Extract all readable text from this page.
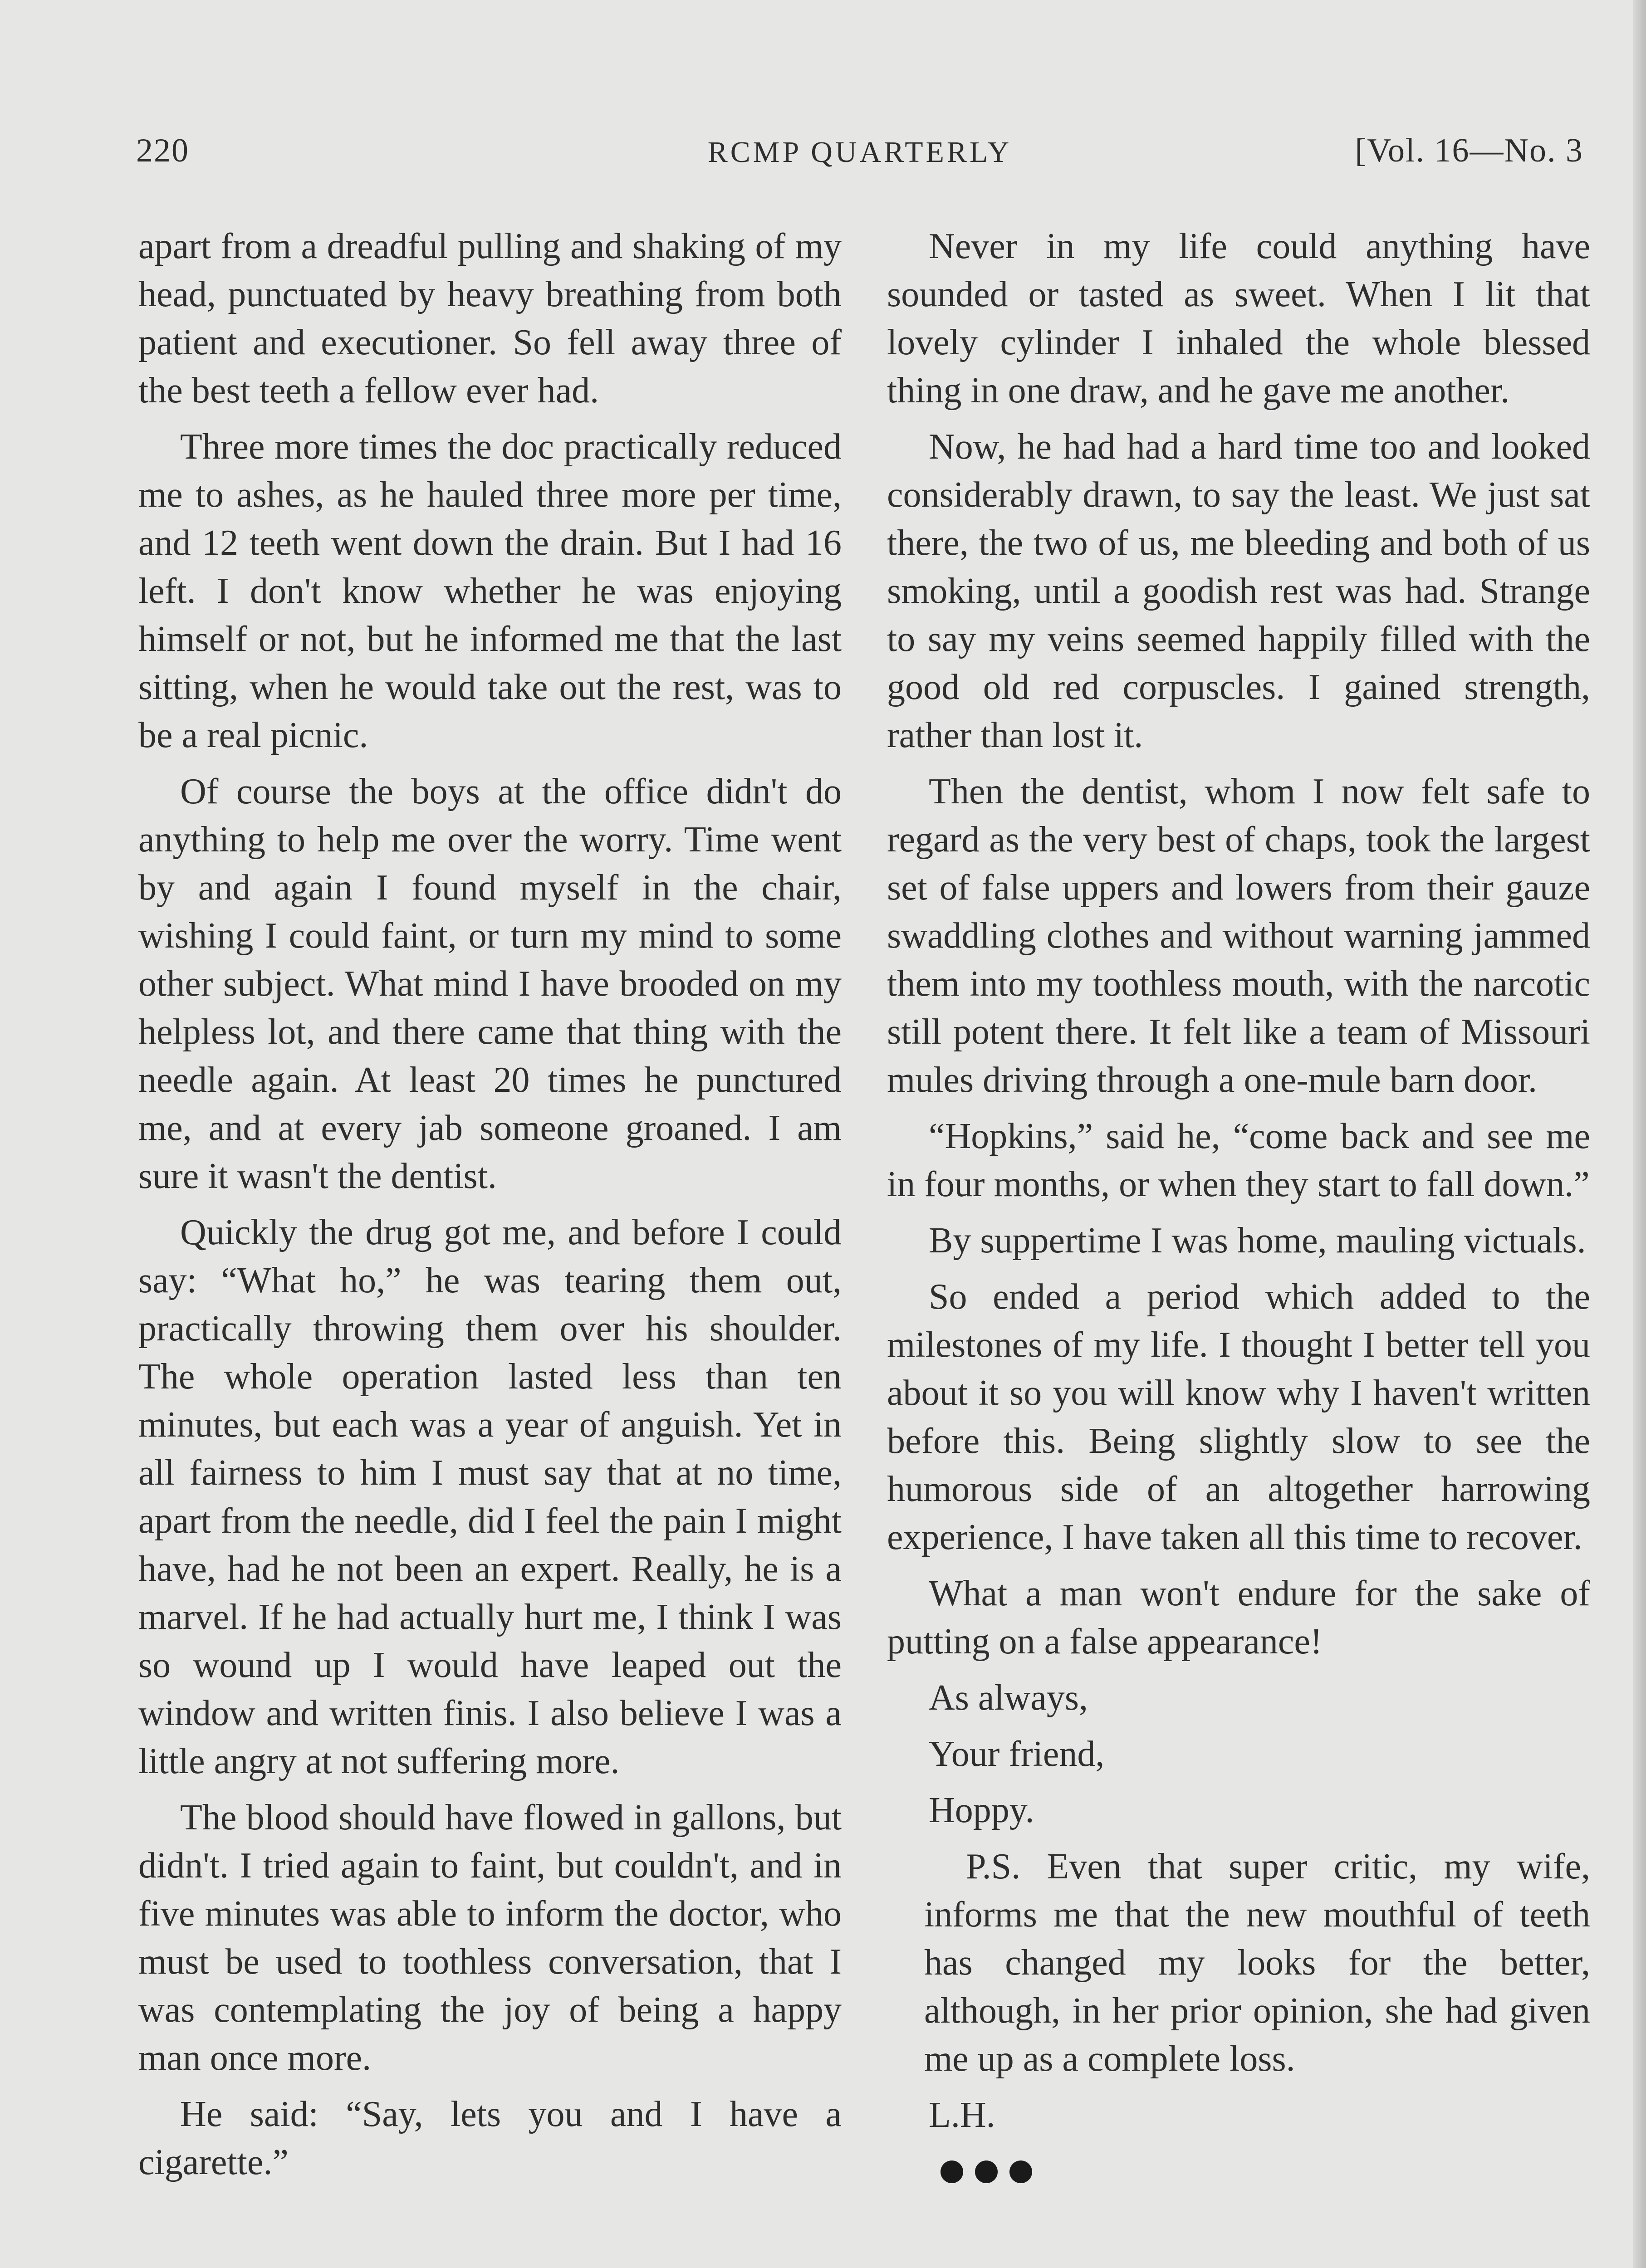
220	RCMP QUARTERLY	[Vol. 16—No. 3

apart from a dreadful pulling and shaking of my head, punctuated by heavy breathing from both patient and executioner. So fell away three of the best teeth a fellow ever had.

Three more times the doc practically reduced me to ashes, as he hauled three more per time, and 12 teeth went down the drain. But I had 16 left. I don't know whether he was enjoying himself or not, but he informed me that the last sitting, when he would take out the rest, was to be a real picnic.

Of course the boys at the office didn't do anything to help me over the worry. Time went by and again I found myself in the chair, wishing I could faint, or turn my mind to some other subject. What mind I have brooded on my helpless lot, and there came that thing with the needle again. At least 20 times he punctured me, and at every jab someone groaned. I am sure it wasn't the dentist.

Quickly the drug got me, and before I could say: “What ho,” he was tearing them out, practically throwing them over his shoulder. The whole operation lasted less than ten minutes, but each was a year of anguish. Yet in all fairness to him I must say that at no time, apart from the needle, did I feel the pain I might have, had he not been an expert. Really, he is a marvel. If he had actually hurt me, I think I was so wound up I would have leaped out the window and written finis. I also believe I was a little angry at not suffering more.

The blood should have flowed in gallons, but didn't. I tried again to faint, but couldn't, and in five minutes was able to inform the doctor, who must be used to toothless conversation, that I was contemplating the joy of being a happy man once more.

He said: “Say, lets you and I have a cigarette.”

Never in my life could anything have sounded or tasted as sweet. When I lit that lovely cylinder I inhaled the whole blessed thing in one draw, and he gave me another.

Now, he had had a hard time too and looked considerably drawn, to say the least. We just sat there, the two of us, me bleeding and both of us smoking, until a goodish rest was had. Strange to say my veins seemed happily filled with the good old red corpuscles. I gained strength, rather than lost it.

Then the dentist, whom I now felt safe to regard as the very best of chaps, took the largest set of false uppers and lowers from their gauze swaddling clothes and without warning jammed them into my toothless mouth, with the narcotic still potent there. It felt like a team of Missouri mules driving through a one-mule barn door.

“Hopkins,” said he, “come back and see me in four months, or when they start to fall down.”

By suppertime I was home, mauling victuals.

So ended a period which added to the milestones of my life. I thought I better tell you about it so you will know why I haven't written before this. Being slightly slow to see the humorous side of an altogether harrowing experience, I have taken all this time to recover.

What a man won't endure for the sake of putting on a false appearance!

As always,

Your friend,

Hoppy.

P.S. Even that super critic, my wife, informs me that the new mouthful of teeth has changed my looks for the better, although, in her prior opinion, she had given me up as a complete loss.

L.H.
